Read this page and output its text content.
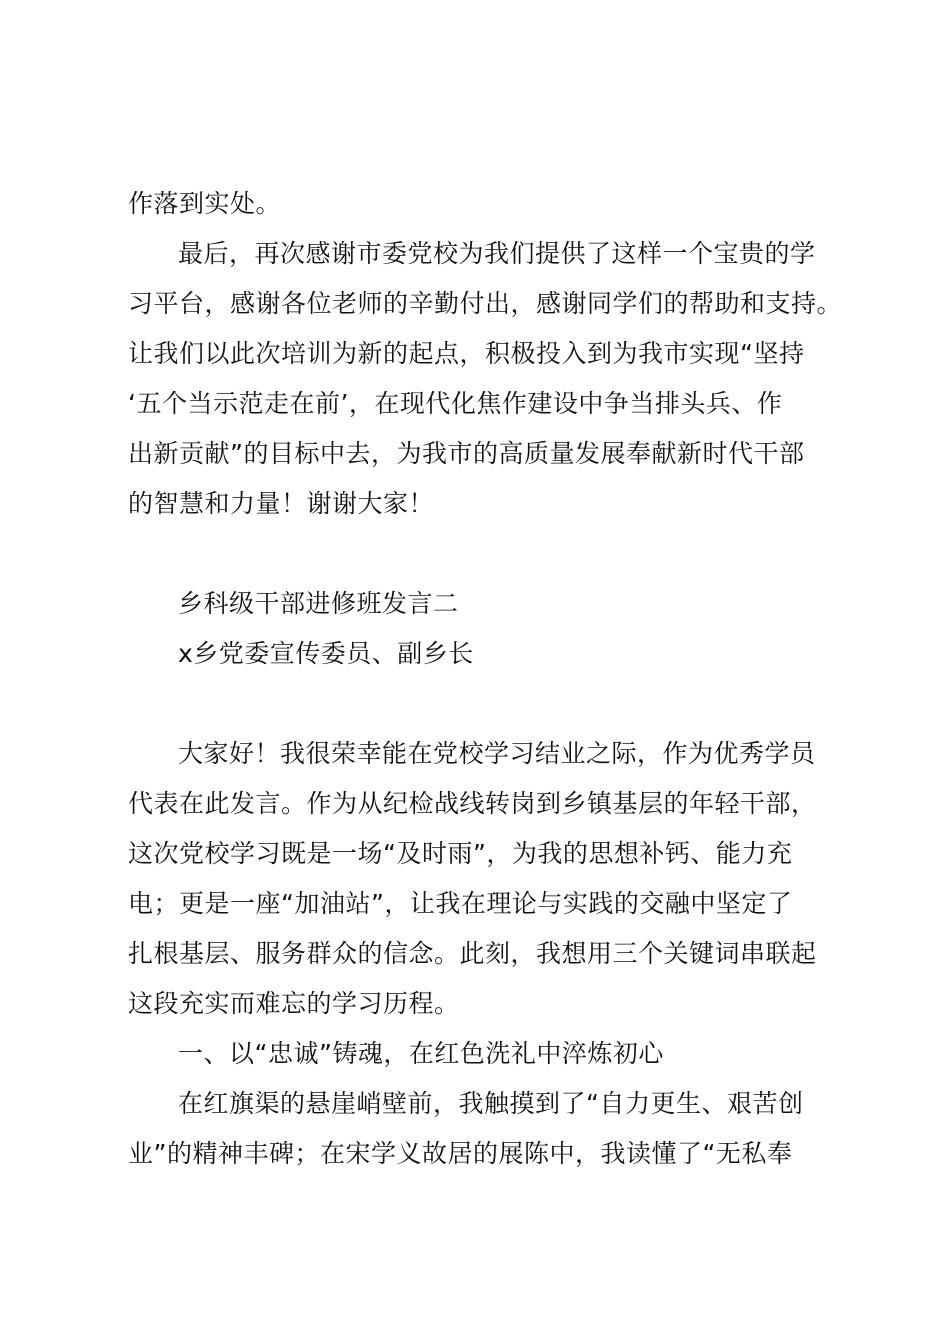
作落到实处。
最后，再次感谢市委党校为我们提供了这样一个宝贵的学
习平台，感谢各位老师的辛勤付出，感谢同学们的帮助和支持。
让我们以此次培训为新的起点，积极投入到为我市实现“坚持
‘五个当示范走在前’，在现代化焦作建设中争当排头兵、作
出新贡献”的目标中去，为我市的高质量发展奉献新时代干部
的智慧和力量！谢谢大家！
乡科级干部进修班发言二
x乡党委宣传委员、副乡长
大家好！我很荣幸能在党校学习结业之际，作为优秀学员
代表在此发言。作为从纪检战线转岗到乡镇基层的年轻干部，
这次党校学习既是一场“及时雨”，为我的思想补钙、能力充
电；更是一座“加油站”，让我在理论与实践的交融中坚定了
扎根基层、服务群众的信念。此刻，我想用三个关键词串联起
这段充实而难忘的学习历程。
一、以“忠诚”铸魂，在红色洗礼中淬炼初心
在红旗渠的悬崖峭壁前，我触摸到了“自力更生、艰苦创
业”的精神丰碑；在宋学义故居的展陈中，我读懂了“无私奉
